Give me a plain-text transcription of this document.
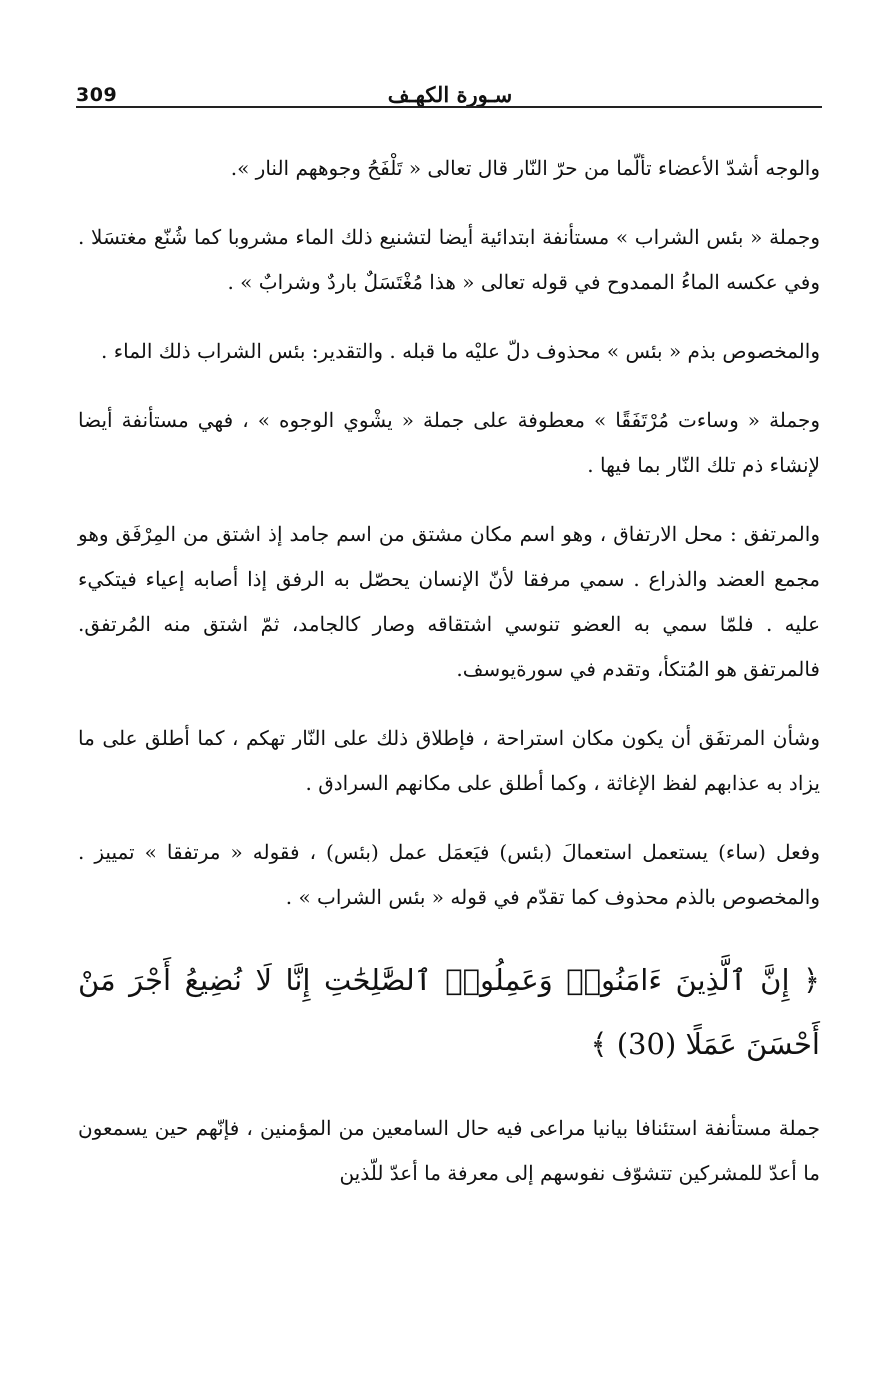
309	سـورة الكهـف

والوجه أشدّ الأعضاء تألّما من حرّ النّار قال تعالى « تَلْفَحُ وجوههم النار ».

وجملة « بئس الشراب » مستأنفة ابتدائية أيضا لتشنيع ذلك الماء مشروبا كما شُنّع مغتسَلا . وفي عكسه الماءُ الممدوح في قوله تعالى « هذا مُغْتَسَلٌ باردٌ وشرابٌ » .

والمخصوص بذم « بئس » محذوف دلّ عليْه ما قبله . والتقدير: بئس الشراب ذلك الماء .

وجملة « وساءت مُرْتَفَقًا » معطوفة على جملة « يشْوي الوجوه » ، فهي مستأنفة أيضا لإنشاء ذم تلك النّار بما فيها .

والمرتفق : محل الارتفاق ، وهو اسم مكان مشتق من اسم جامد إذ اشتق من المِرْفَق وهو مجمع العضد والذراع . سمي مرفقا لأنّ الإنسان يحصّل به الرفق إذا أصابه إعياء فيتكيء عليه . فلمّا سمي به العضو تنوسي اشتقاقه وصار كالجامد، ثمّ اشتق منه المُرتفق. فالمرتفق هو المُتكأ، وتقدم في سورةيوسف.

وشأن المرتفَق أن يكون مكان استراحة ، فإطلاق ذلك على النّار تهكم ، كما أطلق على ما يزاد به عذابهم لفظ الإغاثة ، وكما أطلق على مكانهم السرادق .

وفعل (ساء) يستعمل استعمالَ (بئس) فيَعمَل عمل (بئس) ، فقوله « مرتفقا » تمييز . والمخصوص بالذم محذوف كما تقدّم في قوله « بئس الشراب » .

﴿ إِنَّ ٱلَّذِينَ ءَامَنُوا۟ وَعَمِلُوا۟ ٱلصَّٰلِحَٰتِ إِنَّا لَا نُضِيعُ أَجْرَ مَنْ أَحْسَنَ عَمَلًا (30) ﴾

جملة مستأنفة استئنافا بيانيا مراعى فيه حال السامعين من المؤمنين ، فإنّهم حين يسمعون ما أعدّ للمشركين تتشوّف نفوسهم إلى معرفة ما أعدّ للّذين
